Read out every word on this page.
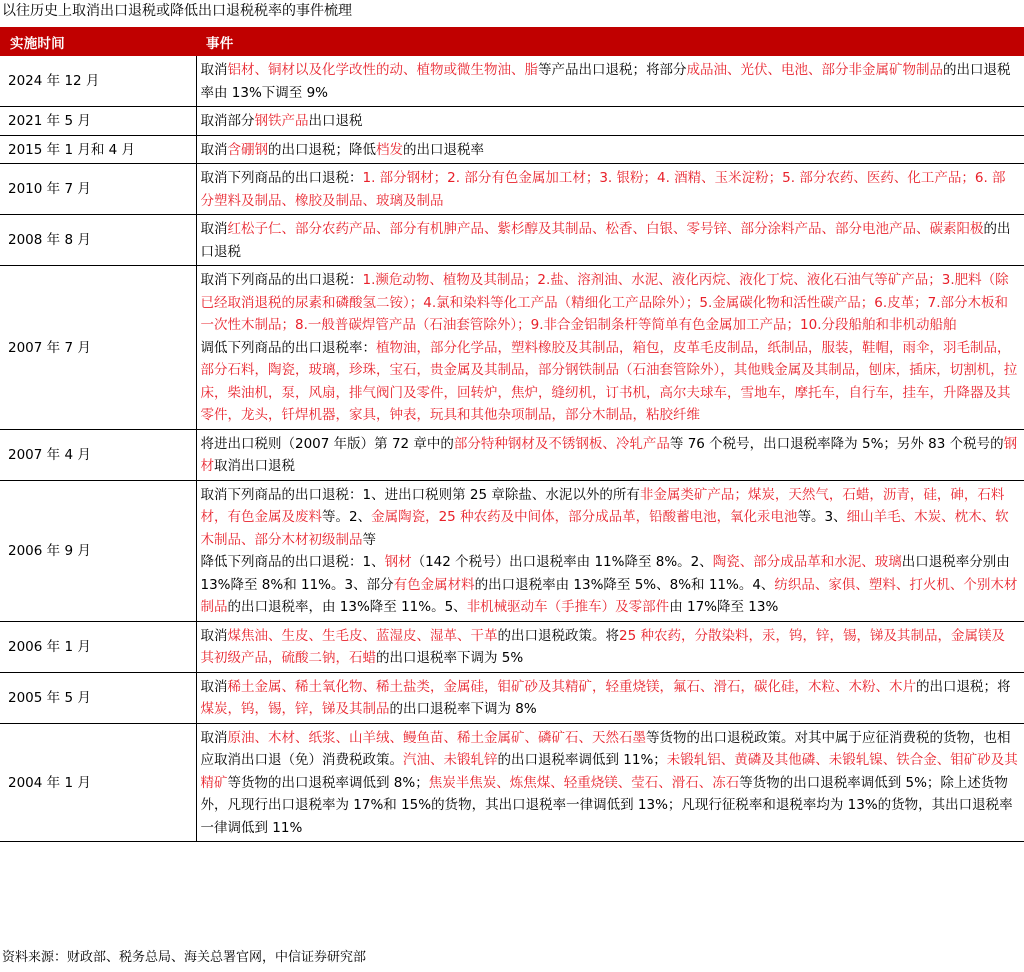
以往历史上取消出口退税或降低出口退税税率的事件梳理
实施时间	事件
2024 年 12 月	取消铝材、铜材以及化学改性的动、植物或微生物油、脂等产品出口退税；将部分成品油、光伏、电池、部分非金属矿物制品的出口退税率由 13%下调至 9%
2021 年 5 月	取消部分钢铁产品出口退税
2015 年 1 月和 4 月	取消含硼钢的出口退税；降低档发的出口退税率
2010 年 7 月	取消下列商品的出口退税：1. 部分钢材；2. 部分有色金属加工材；3. 银粉；4. 酒精、玉米淀粉；5. 部分农药、医药、化工产品；6. 部分塑料及制品、橡胶及制品、玻璃及制品
2008 年 8 月	取消红松子仁、部分农药产品、部分有机胂产品、紫杉醇及其制品、松香、白银、零号锌、部分涂料产品、部分电池产品、碳素阳极的出口退税
2007 年 7 月	取消下列商品的出口退税：1.濒危动物、植物及其制品；2.盐、溶剂油、水泥、液化丙烷、液化丁烷、液化石油气等矿产品；3.肥料（除已经取消退税的尿素和磷酸氢二铵）；4.氯和染料等化工产品（精细化工产品除外）；5.金属碳化物和活性碳产品；6.皮革；7.部分木板和一次性木制品；8.一般普碳焊管产品（石油套管除外）；9.非合金铝制条杆等简单有色金属加工产品；10.分段船舶和非机动船舶
调低下列商品的出口退税率：植物油，部分化学品，塑料橡胶及其制品，箱包，皮革毛皮制品，纸制品，服装，鞋帽，雨伞，羽毛制品，部分石料，陶瓷，玻璃，珍珠，宝石，贵金属及其制品，部分钢铁制品（石油套管除外），其他贱金属及其制品，刨床，插床，切割机，拉床，柴油机，泵，风扇，排气阀门及零件，回转炉，焦炉，缝纫机，订书机，高尔夫球车，雪地车，摩托车，自行车，挂车，升降器及其零件，龙头，钎焊机器，家具，钟表，玩具和其他杂项制品，部分木制品，粘胶纤维
2007 年 4 月	将进出口税则（2007 年版）第 72 章中的部分特种钢材及不锈钢板、冷轧产品等 76 个税号，出口退税率降为 5%；另外 83 个税号的钢材取消出口退税
2006 年 9 月	取消下列商品的出口退税：1、进出口税则第 25 章除盐、水泥以外的所有非金属类矿产品；煤炭，天然气，石蜡，沥青，硅，砷，石料材，有色金属及废料等。2、金属陶瓷，25 种农药及中间体，部分成品革，铅酸蓄电池，氧化汞电池等。3、细山羊毛、木炭、枕木、软木制品、部分木材初级制品等
降低下列商品的出口退税：1、钢材（142 个税号）出口退税率由 11%降至 8%。2、陶瓷、部分成品革和水泥、玻璃出口退税率分别由 13%降至 8%和 11%。3、部分有色金属材料的出口退税率由 13%降至 5%、8%和 11%。4、纺织品、家俱、塑料、打火机、个别木材制品的出口退税率，由 13%降至 11%。5、非机械驱动车（手推车）及零部件由 17%降至 13%
2006 年 1 月	取消煤焦油、生皮、生毛皮、蓝湿皮、湿革、干革的出口退税政策。将25 种农药，分散染料，汞，钨，锌，锡，锑及其制品，金属镁及其初级产品，硫酸二钠，石蜡的出口退税率下调为 5%
2005 年 5 月	取消稀土金属、稀土氧化物、稀土盐类，金属硅，钼矿砂及其精矿，轻重烧镁，氟石、滑石，碳化硅，木粒、木粉、木片的出口退税；将煤炭，钨，锡，锌，锑及其制品的出口退税率下调为 8%
2004 年 1 月	取消原油、木材、纸浆、山羊绒、鳗鱼苗、稀土金属矿、磷矿石、天然石墨等货物的出口退税政策。对其中属于应征消费税的货物，也相应取消出口退（免）消费税政策。汽油、未锻轧锌的出口退税率调低到 11%；未锻轧铝、黄磷及其他磷、未锻轧镍、铁合金、钼矿砂及其精矿等货物的出口退税率调低到 8%；焦炭半焦炭、炼焦煤、轻重烧镁、莹石、滑石、冻石等货物的出口退税率调低到 5%；除上述货物外，凡现行出口退税率为 17%和 15%的货物，其出口退税率一律调低到 13%；凡现行征税率和退税率均为 13%的货物，其出口退税率一律调低到 11%
资料来源：财政部、税务总局、海关总署官网，中信证券研究部
